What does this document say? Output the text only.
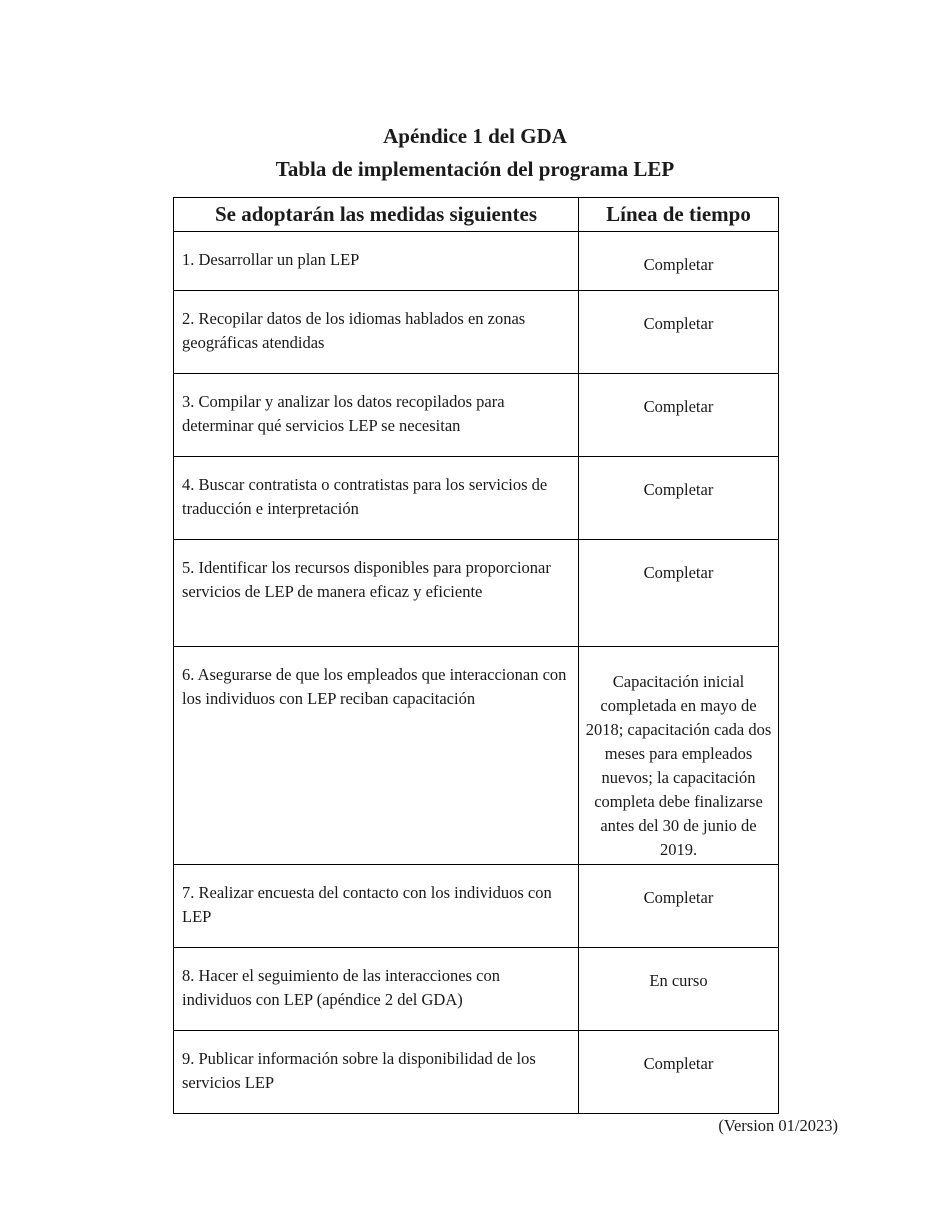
Apéndice 1 del GDA
Tabla de implementación del programa LEP
Se adoptarán las medidas siguientes	Línea de tiempo
1. Desarrollar un plan LEP	Completar
2. Recopilar datos de los idiomas hablados en zonas geográficas atendidas	Completar
3. Compilar y analizar los datos recopilados para determinar qué servicios LEP se necesitan	Completar
4. Buscar contratista o contratistas para los servicios de traducción e interpretación	Completar
5. Identificar los recursos disponibles para proporcionar servicios de LEP de manera eficaz y eficiente	Completar
6. Asegurarse de que los empleados que interaccionan con los individuos con LEP reciban capacitación	Capacitación inicial completada en mayo de 2018; capacitación cada dos meses para empleados nuevos; la capacitación completa debe finalizarse antes del 30 de junio de 2019.
7. Realizar encuesta del contacto con los individuos con LEP	Completar
8. Hacer el seguimiento de las interacciones con individuos con LEP (apéndice 2 del GDA)	En curso
9. Publicar información sobre la disponibilidad de los servicios LEP	Completar
(Version 01/2023)
